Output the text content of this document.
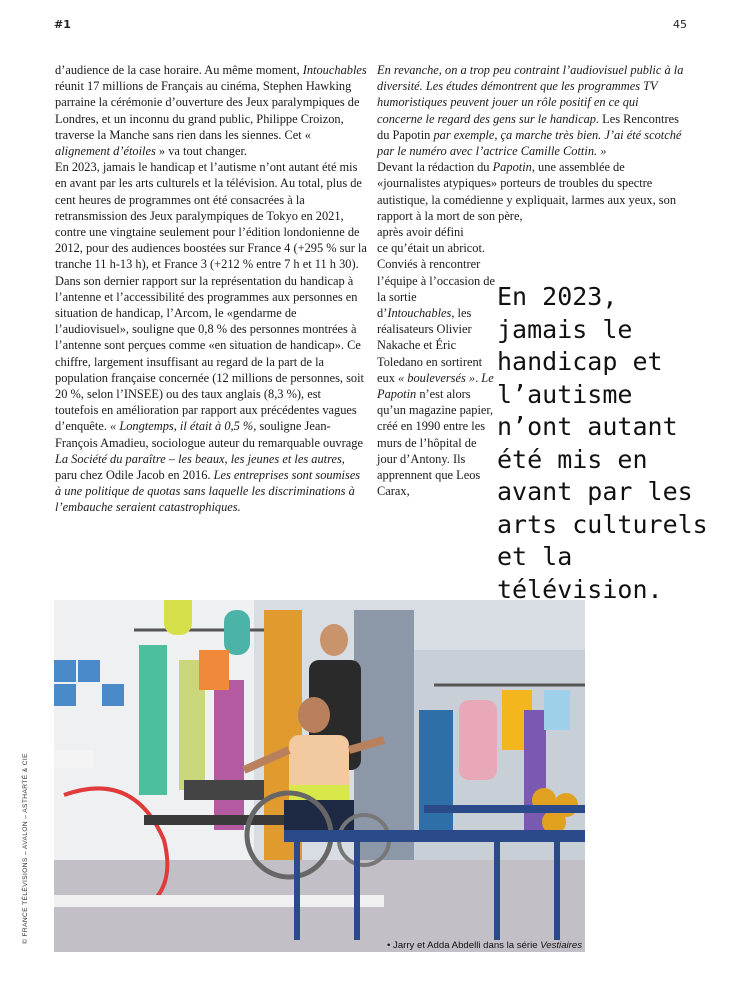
#1	45

d’audience de la case horaire. Au même moment, Intouchables réunit 17 millions de Français au cinéma, Stephen Hawking parraine la cérémonie d’ouverture des Jeux paralympiques de Londres, et un inconnu du grand public, Philippe Croizon, traverse la Manche sans rien dans les siennes. Cet « alignement d’étoiles » va tout changer.

En 2023, jamais le handicap et l’autisme n’ont autant été mis en avant par les arts culturels et la télévision. Au total, plus de cent heures de programmes ont été consacrées à la retransmission des Jeux paralympiques de Tokyo en 2021, contre une vingtaine seulement pour l’édition londonienne de 2012, pour des audiences boostées sur France 4 (+295 % sur la tranche 11 h-13 h), et France 3 (+212 % entre 7 h et 11 h 30). Dans son dernier rapport sur la représentation du handicap à l’antenne et l’accessibilité des programmes aux personnes en situation de handicap, l’Arcom, le «gendarme de l’audiovisuel», souligne que 0,8 % des personnes montrées à l’antenne sont perçues comme «en situation de handicap». Ce chiffre, largement insuffisant au regard de la part de la population française concernée (12 millions de personnes, soit 20 %, selon l’INSEE) ou des taux anglais (8,3 %), est toutefois en amélioration par rapport aux précédentes vagues d’enquête. « Longtemps, il était à 0,5 %, souligne Jean-François Amadieu, sociologue auteur du remarquable ouvrage La Société du paraître – les beaux, les jeunes et les autres, paru chez Odile Jacob en 2016. Les entreprises sont soumises à une politique de quotas sans laquelle les discriminations à l’embauche seraient catastrophiques.

En revanche, on a trop peu contraint l’audiovisuel public à la diversité. Les études démontrent que les programmes TV humoristiques peuvent jouer un rôle positif en ce qui concerne le regard des gens sur le handicap. Les Rencontres du Papotin par exemple, ça marche très bien. J’ai été scotché par le numéro avec l’actrice Camille Cottin. »

Devant la rédaction du Papotin, une assemblée de «journalistes atypiques» porteurs de troubles du spectre autistique, la comédienne y expliquait, larmes aux yeux, son rapport à la mort de son père,

après avoir défini

ce qu’était un abricot. Conviés à rencontrer l’équipe à l’occasion de la sortie d’Intouchables, les réalisateurs Olivier Nakache et Éric Toledano en sortirent eux « bouleversés ». Le Papotin n’est alors qu’un magazine papier, créé en 1990 entre les murs de l’hôpital de jour d’Antony. Ils apprennent que Leos Carax,

En 2023, jamais le handicap et l’autisme n’ont autant été mis en avant par les arts culturels et la télévision.
© FRANCE TÉLÉVISIONS – AVALON – ASTHARTÉ & CIE
• Jarry et Adda Abdelli dans la série Vestiaires
